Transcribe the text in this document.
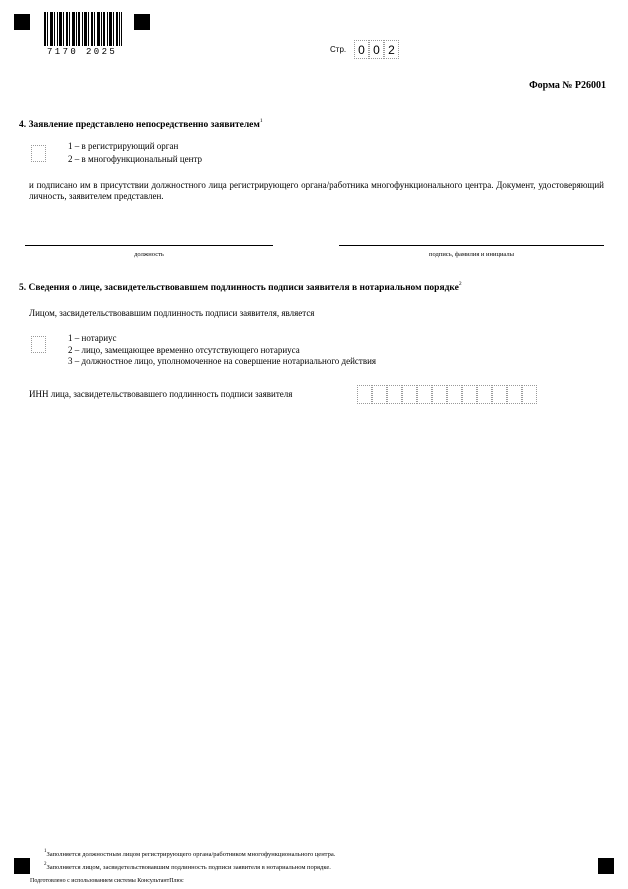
7170 2025	Стр.	0 0 2
Форма № Р26001
4. Заявление представлено непосредственно заявителем$^1$
1 – в регистрирующий орган
2 – в многофункциональный центр
и подписано им в присутствии должностного лица регистрирующего органа/работника многофункционального центра. Документ, удостоверяющий личность, заявителем представлен.
должность	подпись, фамилия и инициалы
5. Сведения о лице, засвидетельствовавшем подлинность подписи заявителя в нотариальном порядке$^2$
Лицом, засвидетельствовавшим подлинность подписи заявителя, является
1 – нотариус
2 – лицо, замещающее временно отсутствующего нотариуса
3 – должностное лицо, уполномоченное на совершение нотариального действия
ИНН лица, засвидетельствовавшего подлинность подписи заявителя
$^1$Заполняется должностным лицом регистрирующего органа/работником многофункционального центра.
$^2$Заполняется лицом, засвидетельствовавшим подлинность подписи заявителя в нотариальном порядке.
Подготовлено с использованием системы КонсультантПлюс
